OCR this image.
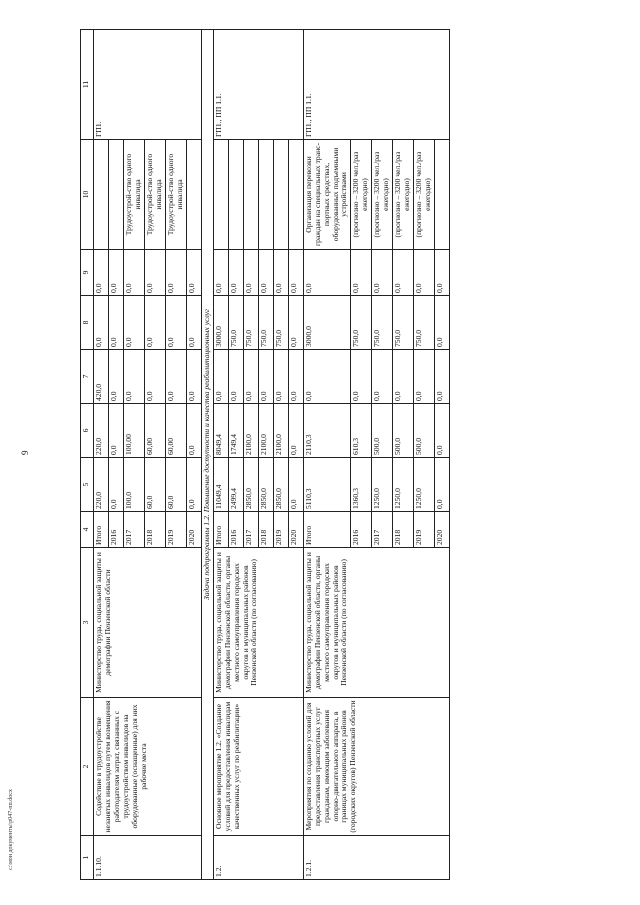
9
c:\мои документы\р047-пп.docx	1	2	3	4	5	6	7	8	9	10	11
1.1.10.	Содействие в трудоустройстве незанятых инвалидов путем возмещения работодателям затрат, связанных с трудоустройством инвалидов на оборудованные (оснащенные) для них рабочие места	Министерство труда, социальной защиты и демографии Пензенской области	Итого	220,0	220,0	420,0	0,0	0,0		ГП1.
			2016	0,0	0,0	0,0	0,0	0,0		
			2017	100,0	100,00	0,0	0,0	0,0	Трудоустрой-ство одного инвалида	
			2018	60,0	60,00	0,0	0,0	0,0	Трудоустрой-ство одного инвалида	
			2019	60,0	60,00	0,0	0,0	0,0	Трудоустрой-ство одного инвалида	
			2020	0,0	0,0	0,0	0,0	0,0		
Задача подпрограммы 1.2. Повышение доступности и качества реабилитационных услуг										
1.2.	Основное мероприятие 1.2. «Создание условий для предоставления инвалидам качественных услуг по реабилитации»	Министерство труда, социальной защиты и демографии Пензенской области, органы местного самоуправления городских округов и муниципальных районов Пензенской области (по согласованию)	Итого	11049,4	8049,4	0,0	3000,0	0,0		ГП1., ПП 1.1.
			2016	2499,4	1749,4	0,0	750,0	0,0		
			2017	2850,0	2100,0	0,0	750,0	0,0		
			2018	2850,0	2100,0	0,0	750,0	0,0		
			2019	2850,0	2100,0	0,0	750,0	0,0		
			2020	0,0	0,0	0,0	0,0	0,0		
1.2.1.	Мероприятия по созданию условий для предоставления транспортных услуг гражданам, имеющим заболевания опорно-двигательного аппарата, в границах муниципальных районов (городских округов) Пензенской области	Министерство труда, социальной защиты и демографии Пензенской области, органы местного самоуправления городских округов и муниципальных районов Пензенской области (по согласованию)	Итого	5110,3	2110,3	0,0	3000,0	0,0	Организация перевозки граждан на специальных транс-портных средствах, оборудованных подъемными устройствами	ГП1., ПП 1.1.
			2016	1360,3	610,3	0,0	750,0	0,0	(прогнозно – 3200 чел./раз ежегодно)	
			2017	1250,0	500,0	0,0	750,0	0,0	(прогнозно – 3200 чел./раз ежегодно)	
			2018	1250,0	500,0	0,0	750,0	0,0	(прогнозно – 3200 чел./раз ежегодно)	
			2019	1250,0	500,0	0,0	750,0	0,0	(прогнозно – 3200 чел./раз ежегодно)	
			2020	0,0	0,0	0,0	0,0	0,0		
